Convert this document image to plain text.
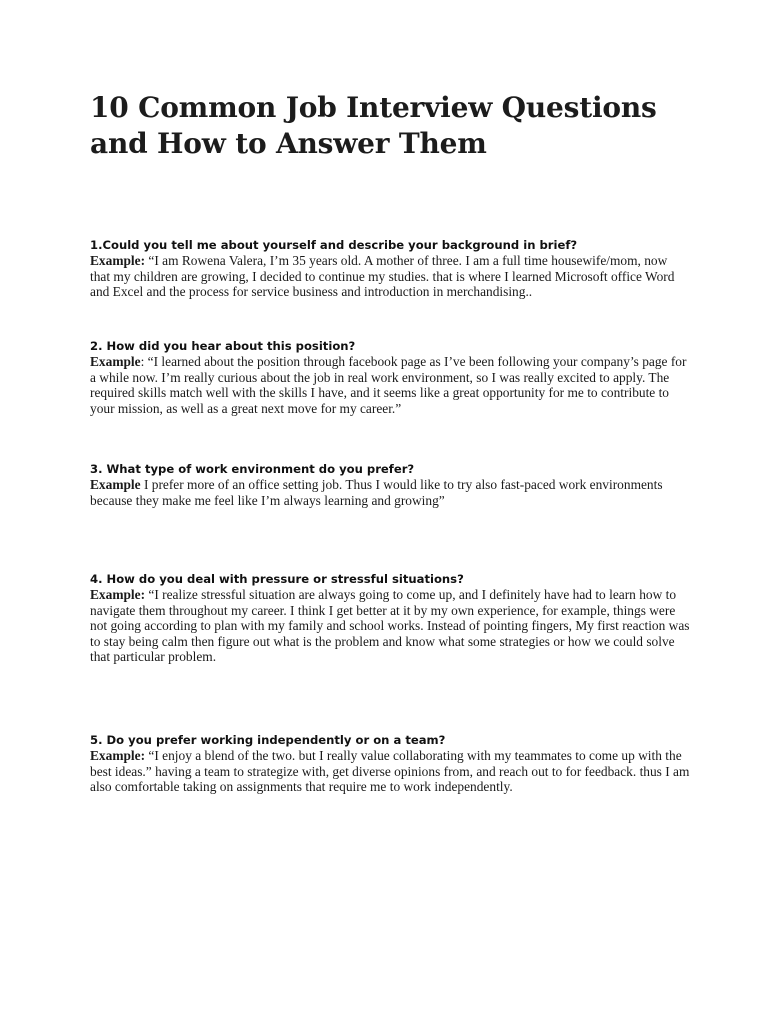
10 Common Job Interview Questions and How to Answer Them

1.Could you tell me about yourself and describe your background in brief?

Example: “I am Rowena Valera, I’m 35 years old. A mother of three. I am a full time housewife/mom, now that my children are growing, I decided to continue my studies. that is where I learned Microsoft office Word and Excel and the process for service business and introduction in merchandising..

2. How did you hear about this position?

Example: “I learned about the position through facebook page as I’ve been following your company’s page for a while now. I’m really curious about the job in real work environment, so I was really excited to apply. The required skills match well with the skills I have, and it seems like a great opportunity for me to contribute to your mission, as well as a great next move for my career.”

3. What type of work environment do you prefer?

Example I prefer more of an office setting job. Thus I would like to try also fast-paced work environments because they make me feel like I’m always learning and growing”

4. How do you deal with pressure or stressful situations?

Example: “I realize stressful situation are always going to come up, and I definitely have had to learn how to navigate them throughout my career. I think I get better at it by my own experience, for example, things were not going according to plan with my family and school works. Instead of pointing fingers, My first reaction was to stay being calm then figure out what is the problem and know what some strategies or how we could solve that particular problem.

5. Do you prefer working independently or on a team?

Example: “I enjoy a blend of the two. but I really value collaborating with my teammates to come up with the best ideas.” having a team to strategize with, get diverse opinions from, and reach out to for feedback. thus I am also comfortable taking on assignments that require me to work independently.
